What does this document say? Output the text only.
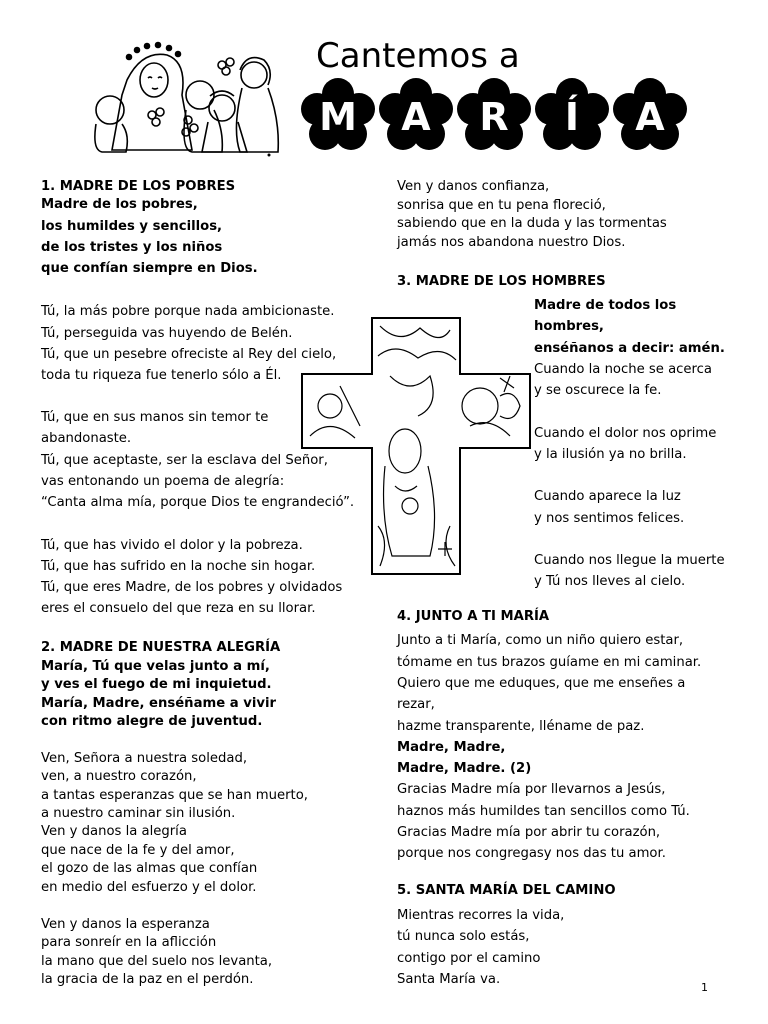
Cantemos a
M A R Í A
1. MADRE DE LOS POBRES
Madre de los pobres,
los humildes y sencillos,
de los tristes y los niños
que confían siempre en Dios.
Tú, la más pobre porque nada ambicionaste.
Tú, perseguida vas huyendo de Belén.
Tú, que un pesebre ofreciste al Rey del cielo,
toda tu riqueza fue tenerlo sólo a Él.
Tú, que en sus manos sin temor te
abandonaste.
Tú, que aceptaste, ser la esclava del Señor,
vas entonando un poema de alegría:
“Canta alma mía, porque Dios te engrandeció”.
Tú, que has vivido el dolor y la pobreza.
Tú, que has sufrido en la noche sin hogar.
Tú, que eres Madre, de los pobres y olvidados
eres el consuelo del que reza en su llorar.
2. MADRE DE NUESTRA ALEGRÍA
María, Tú que velas junto a mí,
y ves el fuego de mi inquietud.
María, Madre, enséñame a vivir
con ritmo alegre de juventud.
Ven, Señora a nuestra soledad,
ven, a nuestro corazón,
a tantas esperanzas que se han muerto,
a nuestro caminar sin ilusión.
Ven y danos la alegría
que nace de la fe y del amor,
el gozo de las almas que confían
en medio del esfuerzo y el dolor.
Ven y danos la esperanza
para sonreír en la aflicción
la mano que del suelo nos levanta,
la gracia de la paz en el perdón.
Ven y danos confianza,
sonrisa que en tu pena floreció,
sabiendo que en la duda y las tormentas
jamás nos abandona nuestro Dios.
3. MADRE DE LOS HOMBRES
Madre de todos los
hombres,
enséñanos a decir: amén.
Cuando la noche se acerca
y se oscurece la fe.
Cuando el dolor nos oprime
y la ilusión ya no brilla.
Cuando aparece la luz
y nos sentimos felices.
Cuando nos llegue la muerte
y Tú nos lleves al cielo.
4. JUNTO A TI MARÍA
Junto a ti María, como un niño quiero estar,
tómame en tus brazos guíame en mi caminar.
Quiero que me eduques, que me enseñes a
rezar,
hazme transparente, lléname de paz.
Madre, Madre,
Madre, Madre. (2)
Gracias Madre mía por llevarnos a Jesús,
haznos más humildes tan sencillos como Tú.
Gracias Madre mía por abrir tu corazón,
porque nos congregasy nos das tu amor.
5. SANTA MARÍA DEL CAMINO
Mientras recorres la vida,
tú nunca solo estás,
contigo por el camino
Santa María va.
1
